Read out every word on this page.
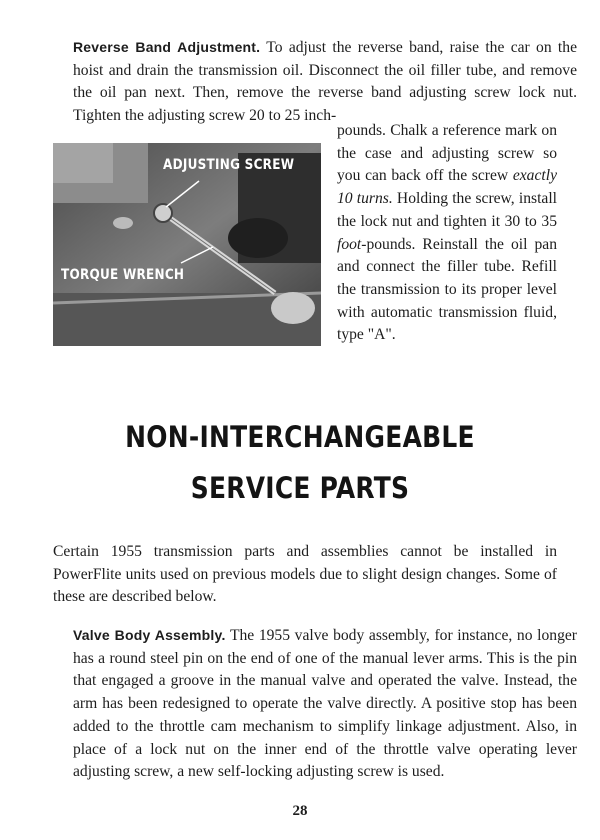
Reverse Band Adjustment. To adjust the reverse band, raise the car on the hoist and drain the transmission oil. Disconnect the oil filler tube, and remove the oil pan next. Then, remove the reverse band adjusting screw lock nut. Tighten the adjusting screw 20 to 25 inch-

ADJUSTING SCREW
TORQUE WRENCH

pounds. Chalk a reference mark on the case and adjusting screw so you can back off the screw exactly 10 turns. Holding the screw, install the lock nut and tighten it 30 to 35 foot-pounds. Reinstall the oil pan and connect the filler tube. Refill the transmission to its proper level with automatic transmission fluid, type "A".

NON-INTERCHANGEABLE
SERVICE PARTS

Certain 1955 transmission parts and assemblies cannot be installed in PowerFlite units used on previous models due to slight design changes. Some of these are described below.

Valve Body Assembly. The 1955 valve body assembly, for instance, no longer has a round steel pin on the end of one of the manual lever arms. This is the pin that engaged a groove in the manual valve and operated the valve. Instead, the arm has been redesigned to operate the valve directly. A positive stop has been added to the throttle cam mechanism to simplify linkage adjustment. Also, in place of a lock nut on the inner end of the throttle valve operating lever adjusting screw, a new self-locking adjusting screw is used.

28
